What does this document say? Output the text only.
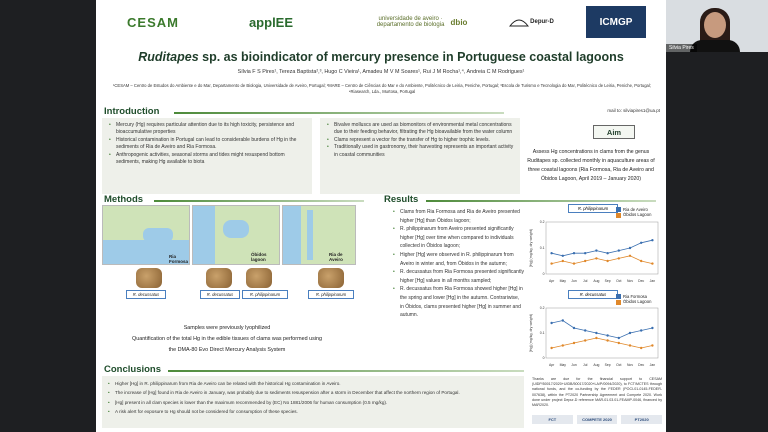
CESAM	applEE	universidade de aveiro · departamento de biologia dbio	Depur-D	ICMGP
Ruditapes sp. as bioindicator of mercury presence in Portuguese coastal lagoons
Sílvia F S Pires¹, Tereza Baptista²,³, Hugo C Vieira¹, Amadeu M V M Soares¹, Rui J M Rocha¹,⁴, Andreia C M Rodrigues¹
¹CESAM – Centro de Estudos do Ambiente e do Mar, Departamento de Biologia, Universidade de Aveiro, Portugal; ²MARE – Centro de Ciências do Mar e do Ambiente, Politécnico de Leiria, Peniche, Portugal; ³Escola de Turismo e Tecnologia do Mar, Politécnico de Leiria, Peniche, Portugal; ⁴Riasearch, Lda., Murtosa, Portugal
mail to: silviapires1@ua.pt
Introduction
• Mercury (Hg) requires particular attention due to its high toxicity, persistence and bioaccumulative properties
• Historical contamination in Portugal can lead to considerable burdens of Hg in the sediments of Ria de Aveiro and Ria Formosa.
• Anthropogenic activities, seasonal storms and tides might resuspend bottom sediments, making Hg available to biota
• Bivalve molluscs are used as biomonitors of environmental metal concentrations due to their feeding behavior, filtrating the Hg bioavailable from the water column
• Clams represent a vector for the transfer of Hg to higher trophic levels.
• Traditionally used in gastronomy, their harvesting represents an important activity in coastal communities
Aim
Assess Hg concentrations in clams from the genus
Ruditapes sp. collected monthly in aquaculture areas of
three coastal lagoons (Ria Formosa, Ria de Aveiro and
Óbidos Lagoon, April 2019 – January 2020)
Methods
Ria Formosa
Óbidos lagoon
Ria de Aveiro
R. decussatus	R. decussatus	R. philippinarum	R. philippinarum
Samples were previously lyophilized
Quantification of the total Hg in the edible tissues of clams was performed using
the DMA-80 Evo Direct Mercury Analysis System
Results
• Clams from Ria Formosa and Ria de Aveiro presented higher [Hg] than Óbidos lagoon;
• R. philippinarum from Aveiro presented significantly higher [Hg] over time when compared to individuals collected in Óbidos lagoon;
• Higher [Hg] were observed in R. philippinarum from Aveiro in winter and, from Óbidos in the autumn;
• R. decussatus from Ria Formosa presented significantly higher [Hg] values in all months sampled;
• R. decussatus from Ria Formosa showed higher [Hg] in the spring and lower [Hg] in the autumn. Contrariwise, in Óbidos, clams presented higher [Hg] in summer and autumn.
R. philippinarum	Ria de Aveiro
Óbidos Lagoon
[Hg] (mg/kg, dry weight)
0
0.1
0.2
Apr May Jun Jul Aug Sep Oct Nov Dec Jan
R. decussatus	Ria Formosa
Óbidos Lagoon
[Hg] (mg/kg, dry weight)
0
0.1
0.2
Apr May Jun Jul Aug Sep Oct Nov Dec Jan
Conclusions
• Higher [Hg] in R. philippinarum from Ria de Aveiro can be related with the historical Hg contamination in Aveiro.
• The increase of [Hg] found in Ria de Aveiro in January, was probably due to sediments resuspension after a storm in December that affect the northern region of Portugal.
• [Hg] present in all clam species is lower than the maximum recommended by (EC) No 1881/2006 for human consumption (0.5 mg/kg).
• A risk alert for exposure to Hg should not be considered for consumption of these species.
Thanks are due for the financial support to CESAM (UIDP/50017/2020+UIDB/50017/2020+LA/P/0094/2020), to FCT/MCTES through national funds, and the co-funding by the FEDER (POCI-01-0145-FEDER-007638), within the PT2020 Partnership Agreement and Compete 2020. Work done under project Depur-D reference MAR-01.03.01-FEAMP-0046, financed by MAR2020.
FCT	COMPETE 2020	PT2020
Silvia Pires
